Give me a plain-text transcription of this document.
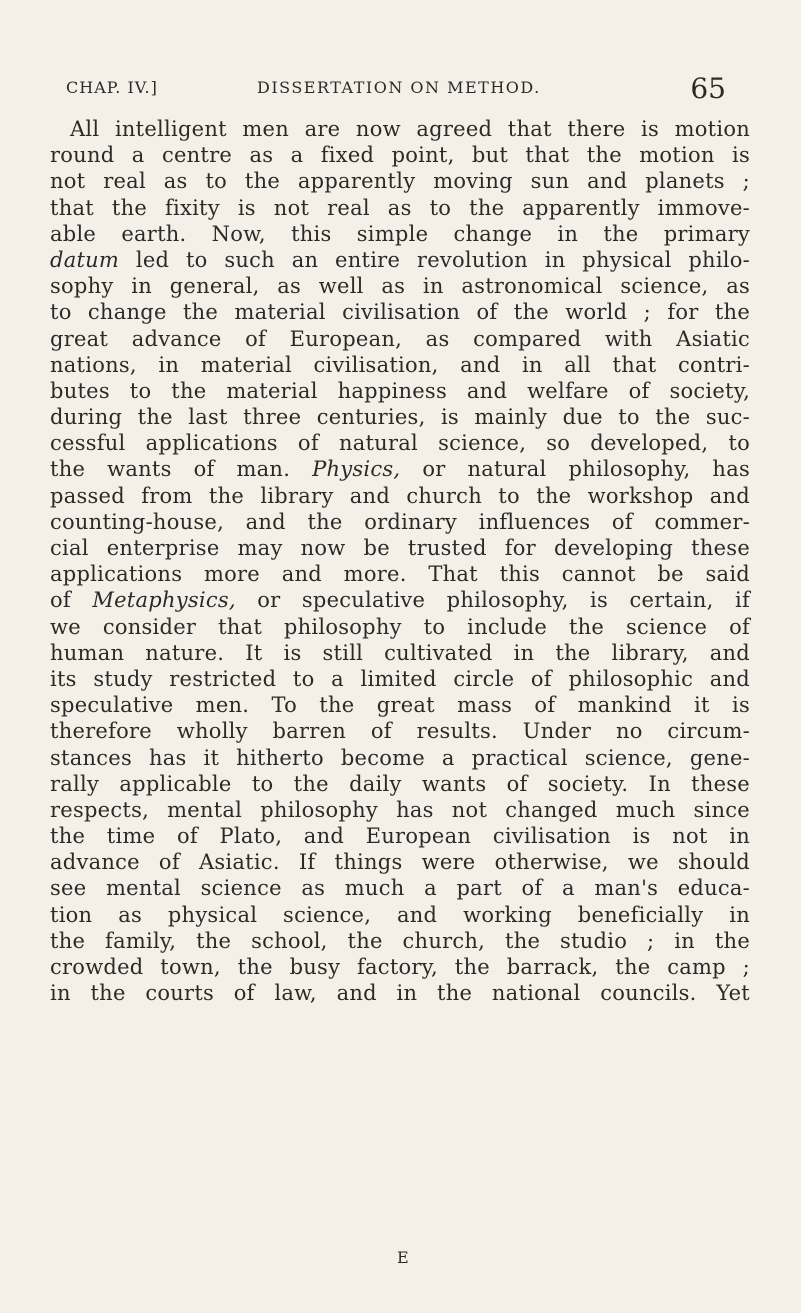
CHAP. IV.]	DISSERTATION ON METHOD.	65
All intelligent men are now agreed that there is motion
round a centre as a fixed point, but that the motion is
not real as to the apparently moving sun and planets ;
that the fixity is not real as to the apparently immove-
able earth. Now, this simple change in the primary
datum led to such an entire revolution in physical philo-
sophy in general, as well as in astronomical science, as
to change the material civilisation of the world ; for the
great advance of European, as compared with Asiatic
nations, in material civilisation, and in all that contri-
butes to the material happiness and welfare of society,
during the last three centuries, is mainly due to the suc-
cessful applications of natural science, so developed, to
the wants of man. Physics, or natural philosophy, has
passed from the library and church to the workshop and
counting-house, and the ordinary influences of commer-
cial enterprise may now be trusted for developing these
applications more and more. That this cannot be said
of Metaphysics, or speculative philosophy, is certain, if
we consider that philosophy to include the science of
human nature. It is still cultivated in the library, and
its study restricted to a limited circle of philosophic and
speculative men. To the great mass of mankind it is
therefore wholly barren of results. Under no circum-
stances has it hitherto become a practical science, gene-
rally applicable to the daily wants of society. In these
respects, mental philosophy has not changed much since
the time of Plato, and European civilisation is not in
advance of Asiatic. If things were otherwise, we should
see mental science as much a part of a man's educa-
tion as physical science, and working beneficially in
the family, the school, the church, the studio ; in the
crowded town, the busy factory, the barrack, the camp ;
in the courts of law, and in the national councils. Yet
E
